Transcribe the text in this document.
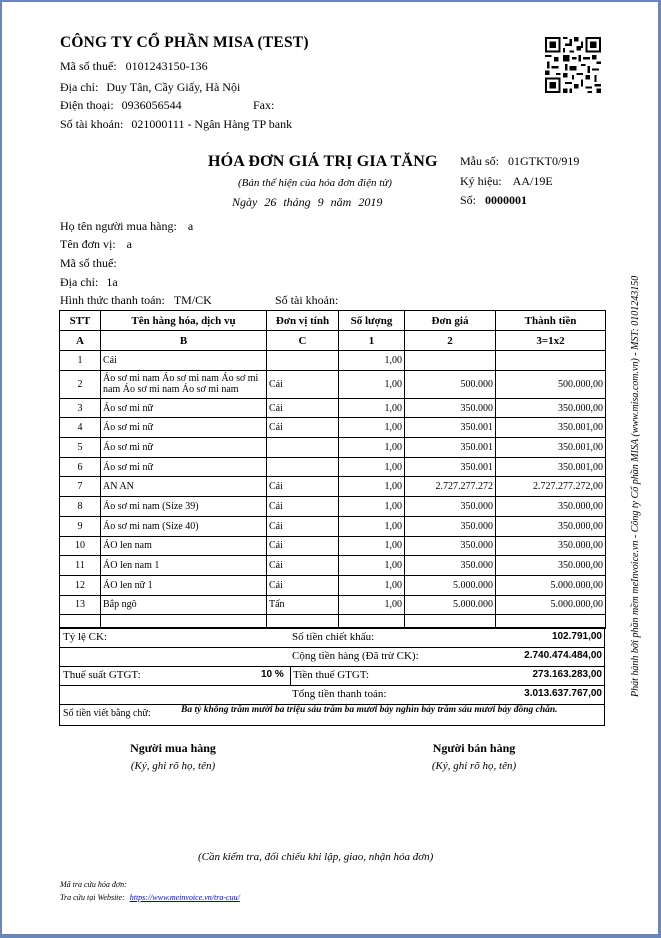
CÔNG TY CỔ PHẦN MISA (TEST)
Mã số thuế: 0101243150-136
Địa chỉ: Duy Tân, Cầy Giấy, Hà Nội
Điện thoại: 0936056544	Fax:
Số tài khoản: 021000111 - Ngân Hàng TP bank
HÓA ĐƠN GIÁ TRỊ GIA TĂNG
(Bản thể hiện của hóa đơn điện tử)
Ngày 26 tháng 9 năm 2019
Mẫu số: 01GTKT0/919
Ký hiệu: AA/19E
Số: 0000001
Họ tên người mua hàng: a
Tên đơn vị: a
Mã số thuế:
Địa chỉ: 1a
Hình thức thanh toán: TM/CK	Số tài khoản:
STT	Tên hàng hóa, dịch vụ	Đơn vị tính	Số lượng	Đơn giá	Thành tiền
A	B	C	1	2	3=1x2
1	Cái		1,00		
2	Áo sơ mi nam Áo sơ mi nam Áo sơ mi nam Áo sơ mi nam Áo sơ mi nam	Cái	1,00	500.000	500.000,00
3	Áo sơ mi nữ	Cái	1,00	350.000	350.000,00
4	Áo sơ mi nữ	Cái	1,00	350.001	350.001,00
5	Áo sơ mi nữ		1,00	350.001	350.001,00
6	Áo sơ mi nữ		1,00	350.001	350.001,00
7	AN AN	Cái	1,00	2.727.277.272	2.727.277.272,00
8	Áo sơ mi nam (Size 39)	Cái	1,00	350.000	350.000,00
9	Áo sơ mi nam (Size 40)	Cái	1,00	350.000	350.000,00
10	ÁO len nam	Cái	1,00	350.000	350.000,00
11	ÁO len nam 1	Cái	1,00	350.000	350.000,00
12	ÁO len nữ 1	Cái	1,00	5.000.000	5.000.000,00
13	Bắp ngô	Tấn	1,00	5.000.000	5.000.000,00

Tỷ lệ CK:	Số tiền chiết khấu:	102.791,00
Cộng tiền hàng (Đã trừ CK):	2.740.474.484,00
Thuế suất GTGT:	10 % Tiền thuế GTGT:	273.163.283,00
Tổng tiền thanh toán:	3.013.637.767,00
Số tiền viết bằng chữ:	Ba tỷ không trăm mười ba triệu sáu trăm ba mươi bảy nghìn bảy trăm sáu mươi bảy đồng chẵn.
Người mua hàng
(Ký, ghi rõ họ, tên)
Người bán hàng
(Ký, ghi rõ họ, tên)
(Cần kiểm tra, đối chiếu khi lập, giao, nhận hóa đơn)
Mã tra cứu hóa đơn:
Tra cứu tại Website: https://www.meinvoice.vn/tra-cuu/
Phát hành bởi phần mềm meInvoice.vn - Công ty Cổ phần MISA (www.misa.com.vn) - MST: 0101243150
